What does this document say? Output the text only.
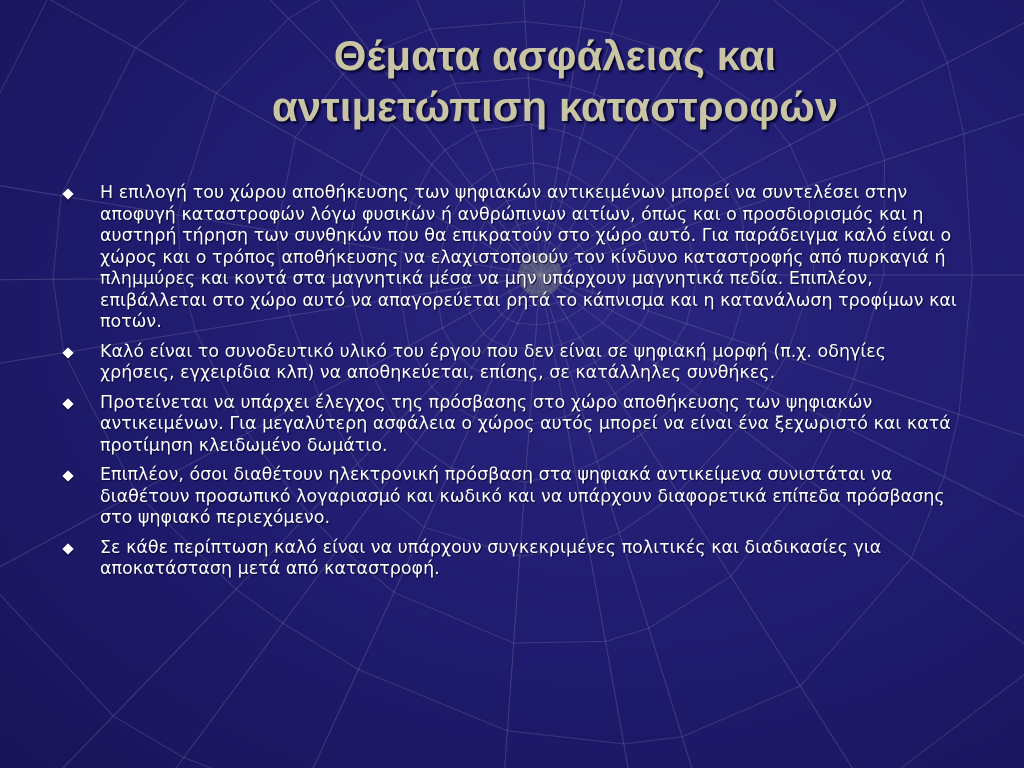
Θέματα ασφάλειας και
αντιμετώπιση καταστροφών
Η επιλογή του χώρου αποθήκευσης των ψηφιακών αντικειμένων μπορεί να συντελέσει στην αποφυγή καταστροφών λόγω φυσικών ή ανθρώπινων αιτίων, όπως και ο προσδιορισμός και η αυστηρή τήρηση των συνθηκών που θα επικρατούν στο χώρο αυτό. Για παράδειγμα καλό είναι ο χώρος και ο τρόπος αποθήκευσης να ελαχιστοποιούν τον κίνδυνο καταστροφής από πυρκαγιά ή πλημμύρες και κοντά στα μαγνητικά μέσα να μην υπάρχουν μαγνητικά πεδία. Επιπλέον, επιβάλλεται στο χώρο αυτό να απαγορεύεται ρητά το κάπνισμα και η κατανάλωση τροφίμων και ποτών.
Καλό είναι το συνοδευτικό υλικό του έργου που δεν είναι σε ψηφιακή μορφή (π.χ. οδηγίες χρήσεις, εγχειρίδια κλπ) να αποθηκεύεται, επίσης, σε κατάλληλες συνθήκες.
Προτείνεται να υπάρχει έλεγχος της πρόσβασης στο χώρο αποθήκευσης των ψηφιακών αντικειμένων. Για μεγαλύτερη ασφάλεια ο χώρος αυτός μπορεί να είναι ένα ξεχωριστό και κατά προτίμηση κλειδωμένο δωμάτιο.
Επιπλέον, όσοι διαθέτουν ηλεκτρονική πρόσβαση στα ψηφιακά αντικείμενα συνιστάται να διαθέτουν προσωπικό λογαριασμό και κωδικό και να υπάρχουν διαφορετικά επίπεδα πρόσβασης στο ψηφιακό περιεχόμενο.
Σε κάθε περίπτωση καλό είναι να υπάρχουν συγκεκριμένες πολιτικές και διαδικασίες για αποκατάσταση μετά από καταστροφή.
